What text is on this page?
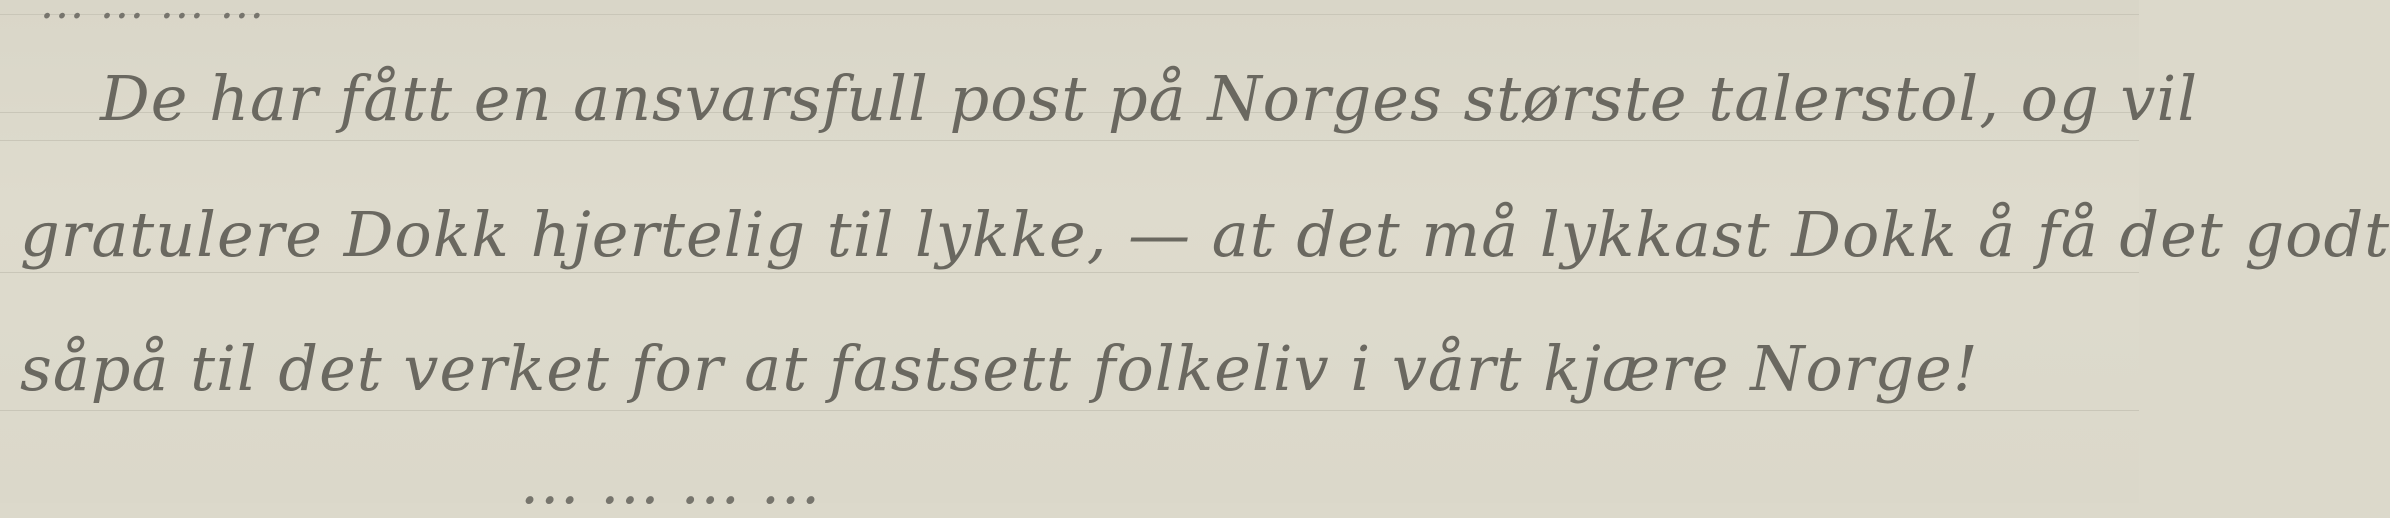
... ... ... ...
De har fått en ansvarsfull post på Norges største talerstol, og vil
gratulere Dokk hjertelig til lykke, — at det må lykkast Dokk å få det godt
såpå til det verket for at fastsett folkeliv i vårt kjære Norge!
... ... ... ...
